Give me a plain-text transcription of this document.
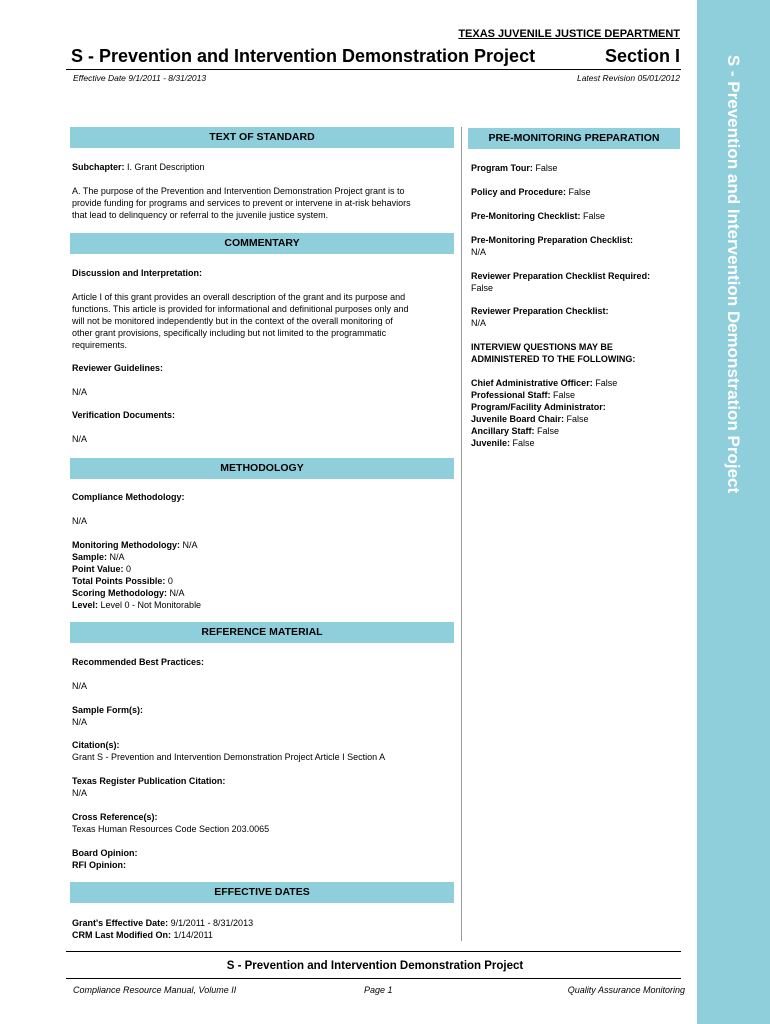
S - Prevention and Intervention Demonstration Project
TEXAS JUVENILE JUSTICE DEPARTMENT
S - Prevention and Intervention Demonstration Project	Section I
Effective Date 9/1/2011 - 8/31/2013	Latest Revision 05/01/2012
TEXT OF STANDARD
Subchapter: I. Grant Description
A. The purpose of the Prevention and Intervention Demonstration Project grant is to
provide funding for programs and services to prevent or intervene in at-risk behaviors
that lead to delinquency or referral to the juvenile justice system.
COMMENTARY
Discussion and Interpretation:
Article I of this grant provides an overall description of the grant and its purpose and
functions. This article is provided for informational and definitional purposes only and
will not be monitored independently but in the context of the overall monitoring of
other grant provisions, specifically including but not limited to the programmatic
requirements.
Reviewer Guidelines:
N/A
Verification Documents:
N/A
METHODOLOGY
Compliance Methodology:
N/A
Monitoring Methodology: N/A
Sample: N/A
Point Value: 0
Total Points Possible: 0
Scoring Methodology: N/A
Level: Level 0 - Not Monitorable
REFERENCE MATERIAL
Recommended Best Practices:
N/A
Sample Form(s):
N/A
Citation(s):
Grant S - Prevention and Intervention Demonstration Project Article I Section A
Texas Register Publication Citation:
N/A
Cross Reference(s):
Texas Human Resources Code Section 203.0065
Board Opinion:
RFI Opinion:
EFFECTIVE DATES
Grant's Effective Date: 9/1/2011 - 8/31/2013
CRM Last Modified On: 1/14/2011
PRE-MONITORING PREPARATION
Program Tour: False
Policy and Procedure: False
Pre-Monitoring Checklist: False
Pre-Monitoring Preparation Checklist:
N/A
Reviewer Preparation Checklist Required:
False
Reviewer Preparation Checklist:
N/A
INTERVIEW QUESTIONS MAY BE
ADMINISTERED TO THE FOLLOWING:
Chief Administrative Officer: False
Professional Staff: False
Program/Facility Administrator:
Juvenile Board Chair: False
Ancillary Staff: False
Juvenile: False
S - Prevention and Intervention Demonstration Project
Compliance Resource Manual, Volume II	Page 1	Quality Assurance Monitoring
